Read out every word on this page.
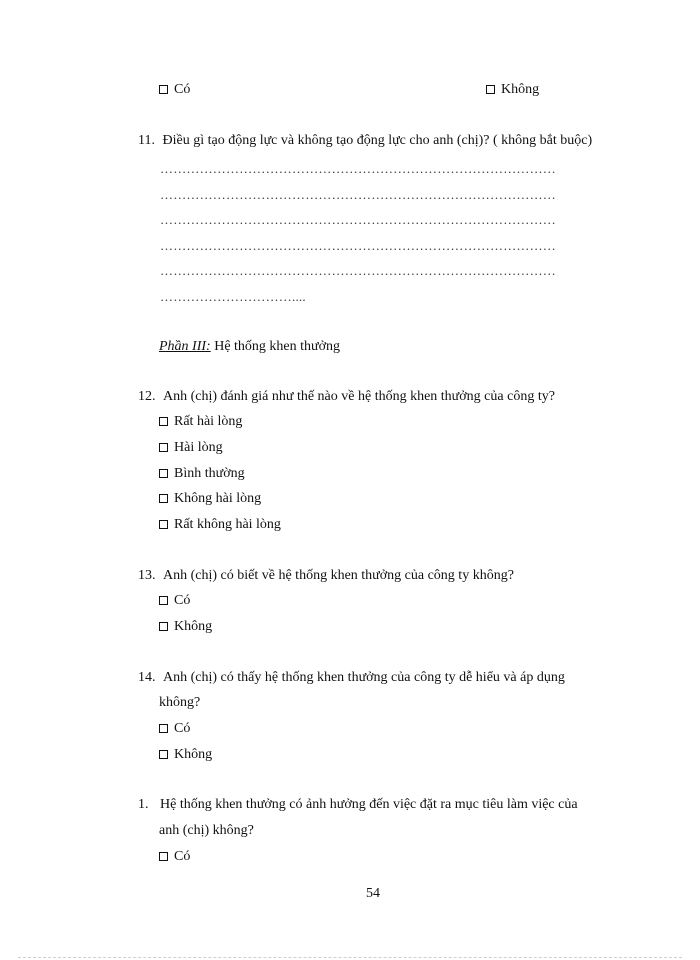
Có	Không
11. Điều gì tạo động lực và không tạo động lực cho anh (chị)? ( không bắt buộc)
………………………………………………………………………………
………………………………………………………………………………
………………………………………………………………………………
………………………………………………………………………………
………………………………………………………………………………
…………………………....
Phần III: Hệ thống khen thưởng
12. Anh (chị) đánh giá như thế nào về hệ thống khen thưởng của công ty?
Rất hài lòng
Hài lòng
Bình thường
Không hài lòng
Rất không hài lòng
13. Anh (chị) có biết về hệ thống khen thưởng của công ty không?
Có
Không
14. Anh (chị) có thấy hệ thống khen thưởng của công ty dễ hiểu và áp dụng
không?
Có
Không
1. Hệ thống khen thưởng có ảnh hưởng đến việc đặt ra mục tiêu làm việc của
anh (chị) không?
Có
54
